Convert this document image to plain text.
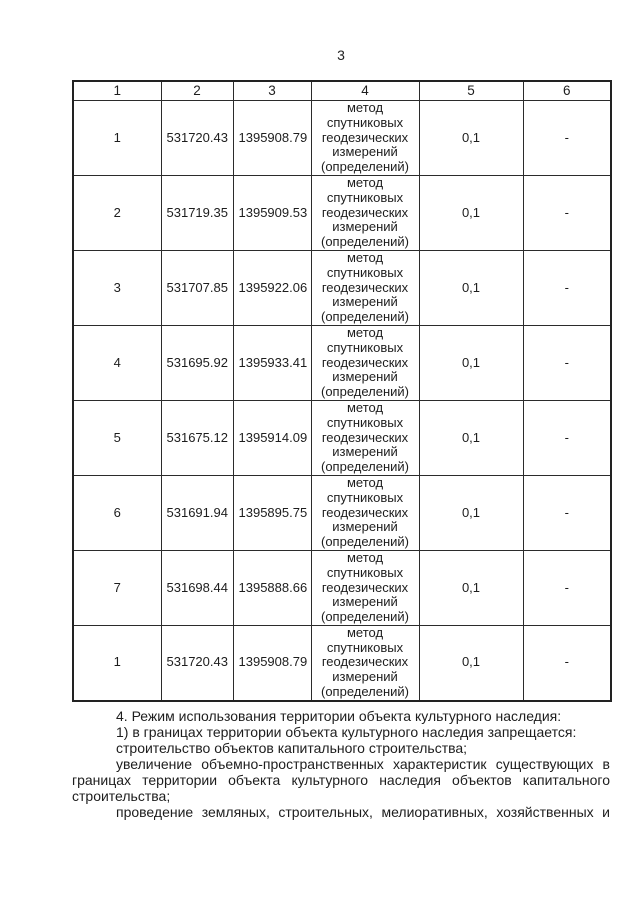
3
1	2	3	4	5	6
1	531720.43	1395908.79	метод спутниковых геодезических измерений (определений)	0,1	-
2	531719.35	1395909.53	метод спутниковых геодезических измерений (определений)	0,1	-
3	531707.85	1395922.06	метод спутниковых геодезических измерений (определений)	0,1	-
4	531695.92	1395933.41	метод спутниковых геодезических измерений (определений)	0,1	-
5	531675.12	1395914.09	метод спутниковых геодезических измерений (определений)	0,1	-
6	531691.94	1395895.75	метод спутниковых геодезических измерений (определений)	0,1	-
7	531698.44	1395888.66	метод спутниковых геодезических измерений (определений)	0,1	-
1	531720.43	1395908.79	метод спутниковых геодезических измерений (определений)	0,1	-

4. Режим использования территории объекта культурного наследия:

1) в границах территории объекта культурного наследия запрещается:

строительство объектов капитального строительства;

увеличение объемно-пространственных характеристик существующих в границах территории объекта культурного наследия объектов капитального строительства;

проведение земляных, строительных, мелиоративных, хозяйственных и
